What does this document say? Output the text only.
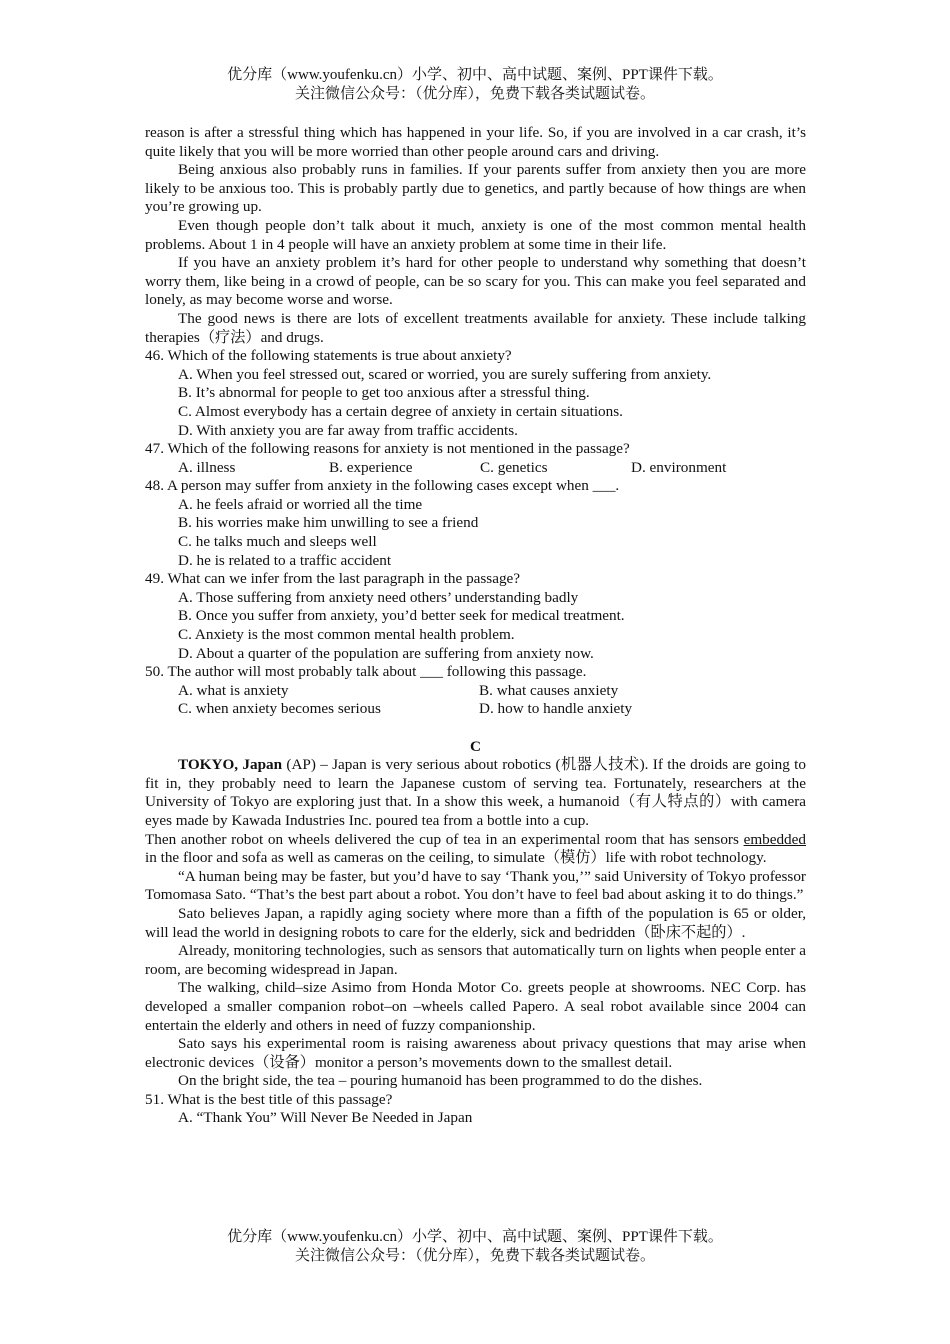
优分库（www.youfenku.cn）小学、初中、高中试题、案例、PPT课件下载。
关注微信公众号：（优分库），免费下载各类试题试卷。

reason is after a stressful thing which has happened in your life. So, if you are involved in a car crash, it’s quite likely that you will be more worried than other people around cars and driving.

Being anxious also probably runs in families. If your parents suffer from anxiety then you are more likely to be anxious too. This is probably partly due to genetics, and partly because of how things are when you’re growing up.

Even though people don’t talk about it much, anxiety is one of the most common mental health problems. About 1 in 4 people will have an anxiety problem at some time in their life.

If you have an anxiety problem it’s hard for other people to understand why something that doesn’t worry them, like being in a crowd of people, can be so scary for you. This can make you feel separated and lonely, as may become worse and worse.

The good news is there are lots of excellent treatments available for anxiety. These include talking therapies（疗法）and drugs.

46. Which of the following statements is true about anxiety?
A. When you feel stressed out, scared or worried, you are surely suffering from anxiety.
B. It’s abnormal for people to get too anxious after a stressful thing.
C. Almost everybody has a certain degree of anxiety in certain situations.
D. With anxiety you are far away from traffic accidents.
47. Which of the following reasons for anxiety is not mentioned in the passage?
A. illness	B. experience	C. genetics	D. environment
48. A person may suffer from anxiety in the following cases except when ___.
A. he feels afraid or worried all the time
B. his worries make him unwilling to see a friend
C. he talks much and sleeps well
D. he is related to a traffic accident
49. What can we infer from the last paragraph in the passage?
A. Those suffering from anxiety need others’ understanding badly
B. Once you suffer from anxiety, you’d better seek for medical treatment.
C. Anxiety is the most common mental health problem.
D. About a quarter of the population are suffering from anxiety now.
50. The author will most probably talk about ___ following this passage.
A. what is anxiety	B. what causes anxiety
C. when anxiety becomes serious	D. how to handle anxiety
C

TOKYO, Japan (AP) – Japan is very serious about robotics (机器人技术). If the droids are going to fit in, they probably need to learn the Japanese custom of serving tea. Fortunately, researchers at the University of Tokyo are exploring just that. In a show this week, a humanoid（有人特点的）with camera eyes made by Kawada Industries Inc. poured tea from a bottle into a cup.

Then another robot on wheels delivered the cup of tea in an experimental room that has sensors embedded in the floor and sofa as well as cameras on the ceiling, to simulate（模仿）life with robot technology.

“A human being may be faster, but you’d have to say ‘Thank you,’” said University of Tokyo professor Tomomasa Sato. “That’s the best part about a robot. You don’t have to feel bad about asking it to do things.”

Sato believes Japan, a rapidly aging society where more than a fifth of the population is 65 or older, will lead the world in designing robots to care for the elderly, sick and bedridden（卧床不起的）.

Already, monitoring technologies, such as sensors that automatically turn on lights when people enter a room, are becoming widespread in Japan.

The walking, child–size Asimo from Honda Motor Co. greets people at showrooms. NEC Corp. has developed a smaller companion robot–on –wheels called Papero. A seal robot available since 2004 can entertain the elderly and others in need of fuzzy companionship.

Sato says his experimental room is raising awareness about privacy questions that may arise when electronic devices（设备）monitor a person’s movements down to the smallest detail.

On the bright side, the tea – pouring humanoid has been programmed to do the dishes.

51. What is the best title of this passage?
A. “Thank You” Will Never Be Needed in Japan
优分库（www.youfenku.cn）小学、初中、高中试题、案例、PPT课件下载。
关注微信公众号：（优分库），免费下载各类试题试卷。
